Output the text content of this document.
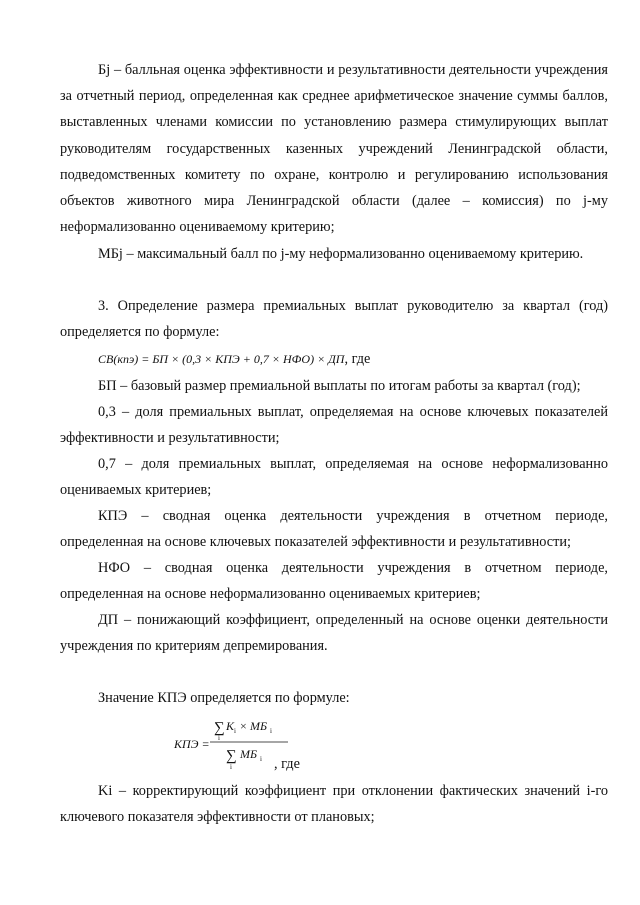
Бj – балльная оценка эффективности и результативности деятельности учреждения за отчетный период, определенная как среднее арифметическое значение суммы баллов, выставленных членами комиссии по установлению размера стимулирующих выплат руководителям государственных казенных учреждений Ленинградской области, подведомственных комитету по охране, контролю и регулированию использования объектов животного мира Ленинградской области (далее – комиссия) по j-му неформализованно оцениваемому критерию;

МБj – максимальный балл по j-му неформализованно оцениваемому критерию.

3. Определение размера премиальных выплат руководителю за квартал (год) определяется по формуле:

СВ(кпэ) = БП × (0,3 × КПЭ + 0,7 × НФО) × ДП, где

БП – базовый размер премиальной выплаты по итогам работы за квартал (год);

0,3 – доля премиальных выплат, определяемая на основе ключевых показателей эффективности и результативности;

0,7 – доля премиальных выплат, определяемая на основе неформализованно оцениваемых критериев;

КПЭ – сводная оценка деятельности учреждения в отчетном периоде, определенная на основе ключевых показателей эффективности и результативности;

НФО – сводная оценка деятельности учреждения в отчетном периоде, определенная на основе неформализованно оцениваемых критериев;

ДП – понижающий коэффициент, определенный на основе оценки деятельности учреждения по критериям депремирования.

Значение КПЭ определяется по формуле:

КПЭ =
∑
i
K i × МБ i
∑
i
МБ i , где

Ki – корректирующий коэффициент при отклонении фактических значений i-го ключевого показателя эффективности от плановых;
